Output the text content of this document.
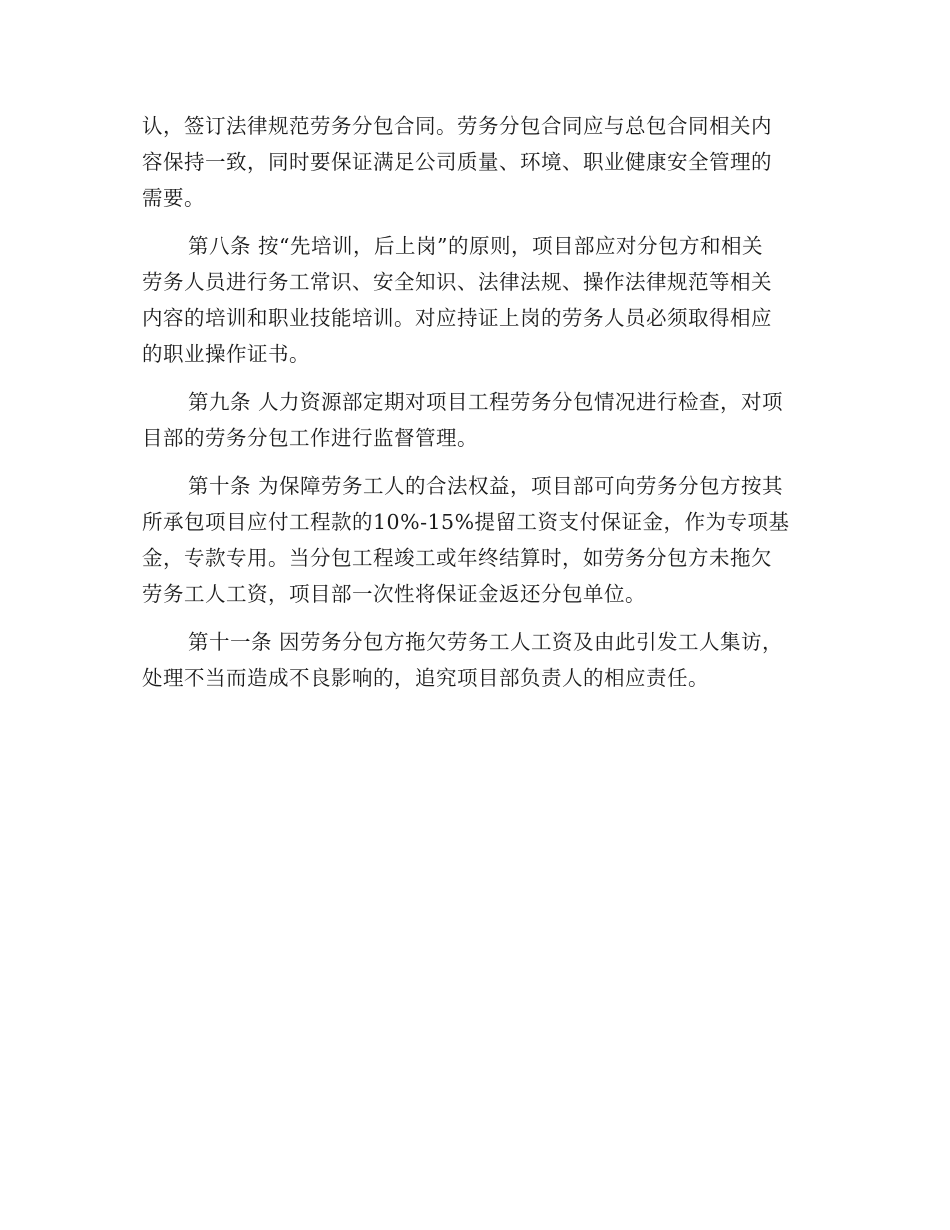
认，签订法律规范劳务分包合同。劳务分包合同应与总包合同相关内
容保持一致，同时要保证满足公司质量、环境、职业健康安全管理的
需要。
第八条 按“先培训，后上岗”的原则，项目部应对分包方和相关
劳务人员进行务工常识、安全知识、法律法规、操作法律规范等相关
内容的培训和职业技能培训。对应持证上岗的劳务人员必须取得相应
的职业操作证书。
第九条 人力资源部定期对项目工程劳务分包情况进行检查，对项
目部的劳务分包工作进行监督管理。
第十条 为保障劳务工人的合法权益，项目部可向劳务分包方按其
所承包项目应付工程款的10%-15%提留工资支付保证金，作为专项基
金，专款专用。当分包工程竣工或年终结算时，如劳务分包方未拖欠
劳务工人工资，项目部一次性将保证金返还分包单位。
第十一条 因劳务分包方拖欠劳务工人工资及由此引发工人集访，
处理不当而造成不良影响的，追究项目部负责人的相应责任。
